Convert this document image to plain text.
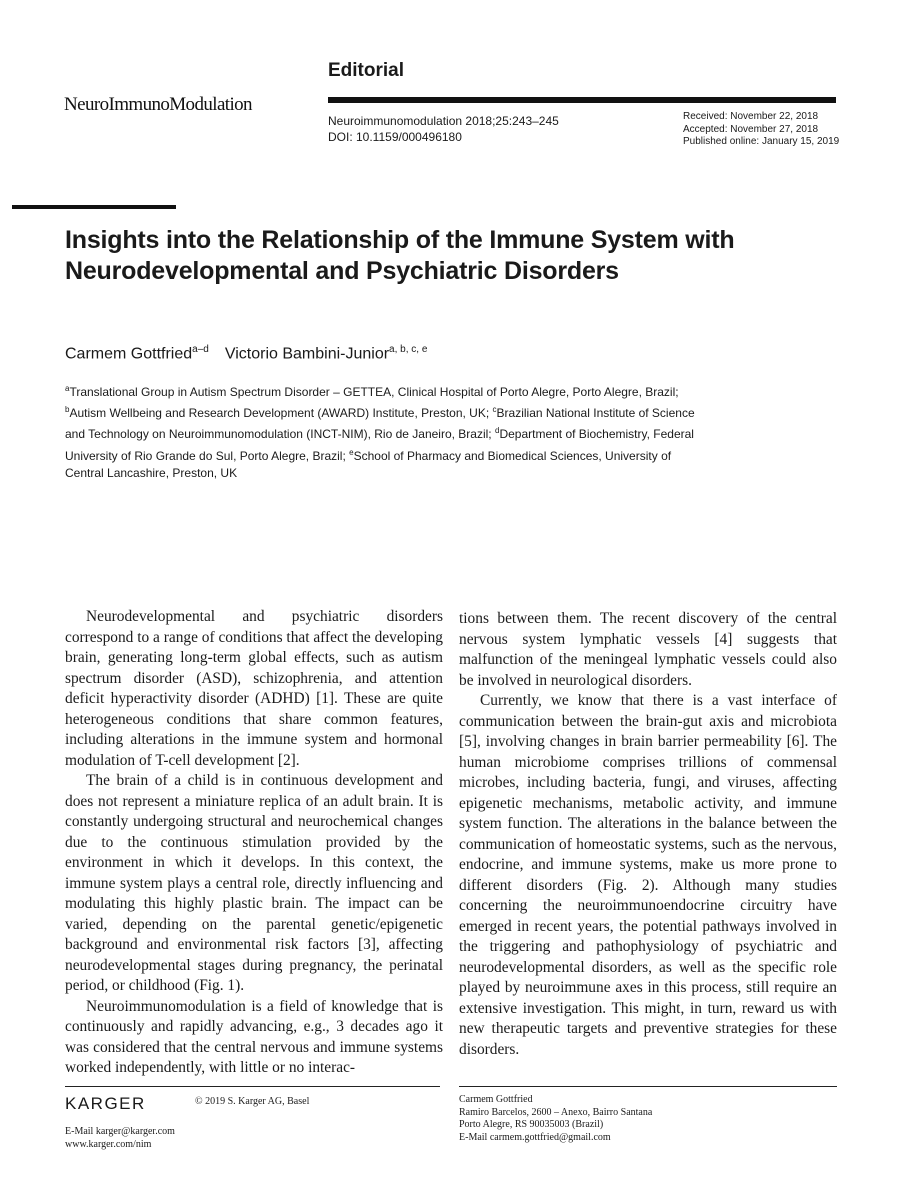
NeuroImmunoModulation
Editorial
Neuroimmunomodulation 2018;25:243–245
DOI: 10.1159/000496180
Received: November 22, 2018
Accepted: November 27, 2018
Published online: January 15, 2019
Insights into the Relationship of the Immune System with Neurodevelopmental and Psychiatric Disorders
Carmem Gottfried$^{a-d}$ Victorio Bambini-Junior$^{a, b, c, e}$
$^a$Translational Group in Autism Spectrum Disorder – GETTEA, Clinical Hospital of Porto Alegre, Porto Alegre, Brazil; $^b$Autism Wellbeing and Research Development (AWARD) Institute, Preston, UK; $^c$Brazilian National Institute of Science and Technology on Neuroimmunomodulation (INCT-NIM), Rio de Janeiro, Brazil; $^d$Department of Biochemistry, Federal University of Rio Grande do Sul, Porto Alegre, Brazil; $^e$School of Pharmacy and Biomedical Sciences, University of Central Lancashire, Preston, UK

Neurodevelopmental and psychiatric disorders correspond to a range of conditions that affect the developing brain, generating long-term global effects, such as autism spectrum disorder (ASD), schizophrenia, and attention deficit hyperactivity disorder (ADHD) [1]. These are quite heterogeneous conditions that share common features, including alterations in the immune system and hormonal modulation of T-cell development [2].

The brain of a child is in continuous development and does not represent a miniature replica of an adult brain. It is constantly undergoing structural and neurochemical changes due to the continuous stimulation provided by the environment in which it develops. In this context, the immune system plays a central role, directly influencing and modulating this highly plastic brain. The impact can be varied, depending on the parental genetic/epigenetic background and environmental risk factors [3], affecting neurodevelopmental stages during pregnancy, the perinatal period, or childhood (Fig. 1).

Neuroimmunomodulation is a field of knowledge that is continuously and rapidly advancing, e.g., 3 decades ago it was considered that the central nervous and immune systems worked independently, with little or no interac-

tions between them. The recent discovery of the central nervous system lymphatic vessels [4] suggests that malfunction of the meningeal lymphatic vessels could also be involved in neurological disorders.

Currently, we know that there is a vast interface of communication between the brain-gut axis and microbiota [5], involving changes in brain barrier permeability [6]. The human microbiome comprises trillions of commensal microbes, including bacteria, fungi, and viruses, affecting epigenetic mechanisms, metabolic activity, and immune system function. The alterations in the balance between the communication of homeostatic systems, such as the nervous, endocrine, and immune systems, make us more prone to different disorders (Fig. 2). Although many studies concerning the neuroimmunoendocrine circuitry have emerged in recent years, the potential pathways involved in the triggering and pathophysiology of psychiatric and neurodevelopmental disorders, as well as the specific role played by neuroimmune axes in this process, still require an extensive investigation. This might, in turn, reward us with new therapeutic targets and preventive strategies for these disorders.

KARGER	© 2019 S. Karger AG, Basel
E-Mail karger@karger.com
www.karger.com/nim
Carmem Gottfried
Ramiro Barcelos, 2600 – Anexo, Bairro Santana
Porto Alegre, RS 90035003 (Brazil)
E-Mail carmem.gottfried@gmail.com
